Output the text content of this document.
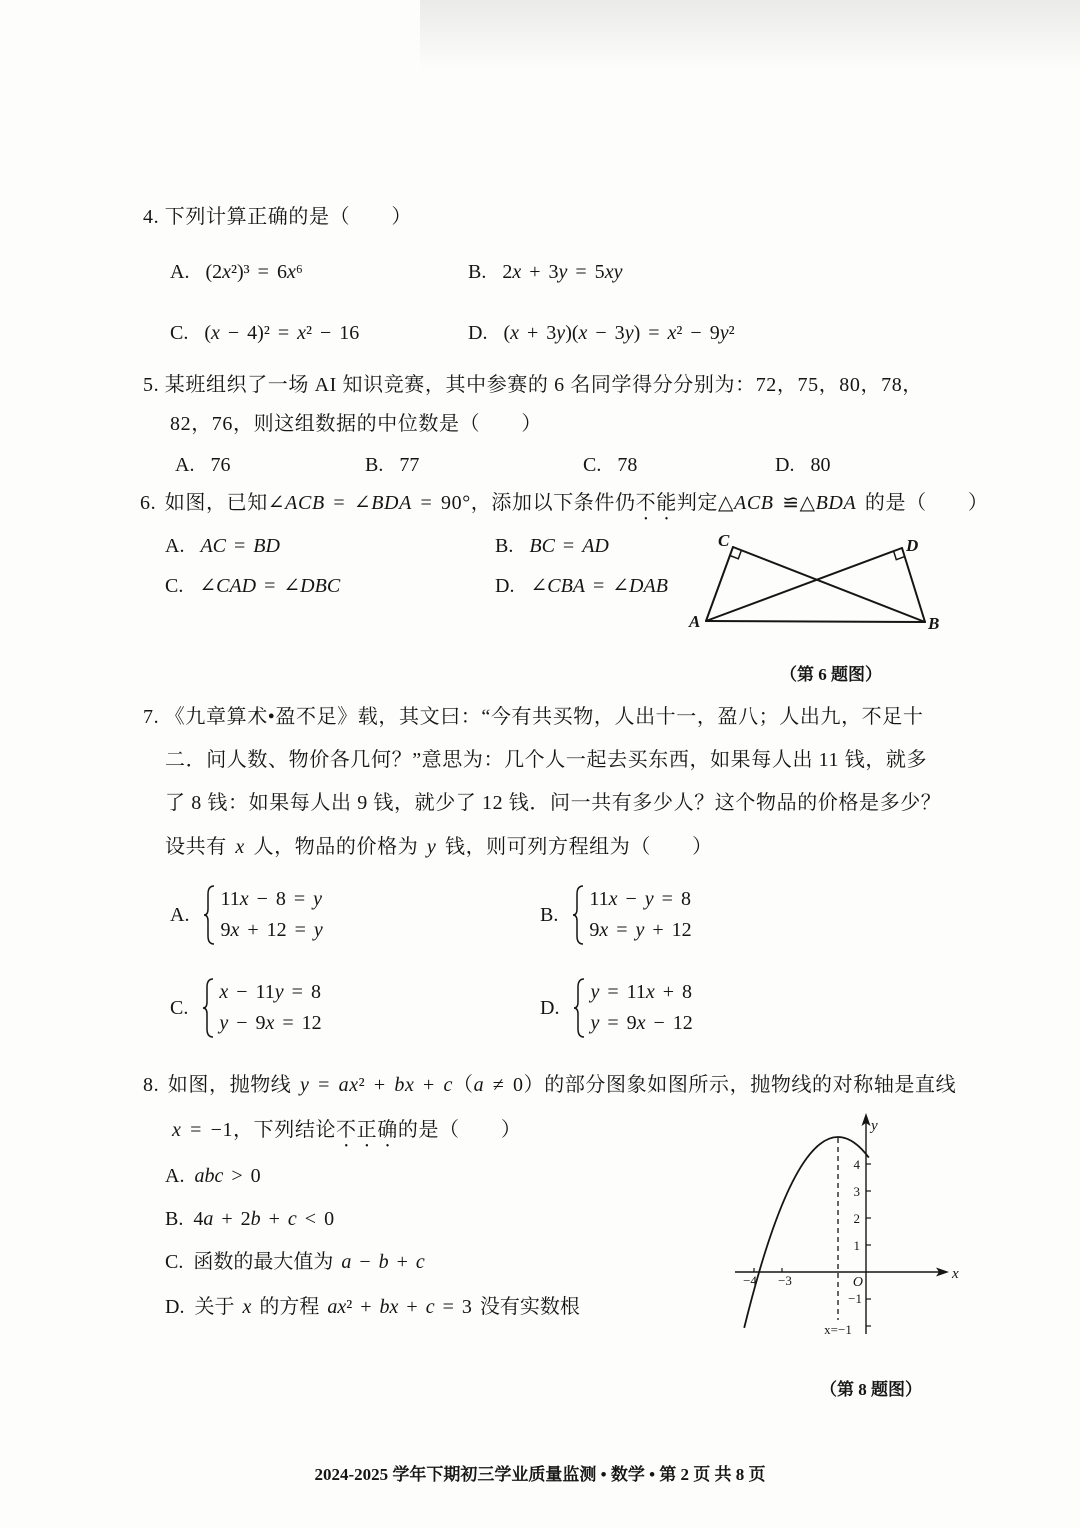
4. 下列计算正确的是（　　）
A. (2x²)³ = 6x⁶	B. 2x + 3y = 5xy
C. (x − 4)² = x² − 16	D. (x + 3y)(x − 3y) = x² − 9y²
5. 某班组织了一场 AI 知识竞赛，其中参赛的 6 名同学得分分别为：72，75，80，78，
82，76，则这组数据的中位数是（　　）
A. 76	B. 77	C. 78	D. 80
6. 如图，已知∠ACB = ∠BDA = 90°，添加以下条件仍不能判定△ACB ≌△BDA 的是（　　）
A. AC = BD	B. BC = AD
C. ∠CAD = ∠DBC	D. ∠CBA = ∠DAB
C	D
A	B
（第 6 题图）
7. 《九章算术•盈不足》载，其文曰：“今有共买物，人出十一，盈八；人出九，不足十
二．问人数、物价各几何？”意思为：几个人一起去买东西，如果每人出 11 钱，就多
了 8 钱：如果每人出 9 钱，就少了 12 钱．问一共有多少人？这个物品的价格是多少？
设共有 x 人，物品的价格为 y 钱，则可列方程组为（　　）
A.
11x − 8 = y
9x + 12 = y
B.
11x − y = 8
9x = y + 12
C.
x − 11y = 8
y − 9x = 12
D.
y = 11x + 8
y = 9x − 12
8. 如图，抛物线 y = ax² + bx + c（a ≠ 0）的部分图象如图所示，抛物线的对称轴是直线
x = −1，下列结论不正确的是（　　）
A. abc > 0
B. 4a + 2b + c < 0
C. 函数的最大值为 a − b + c
D. 关于 x 的方程 ax² + bx + c = 3 没有实数根
x
y
O
−4 −3
4
3
2
1
−1
x=−1
（第 8 题图）
2024-2025 学年下期初三学业质量监测 • 数学 • 第 2 页 共 8 页
